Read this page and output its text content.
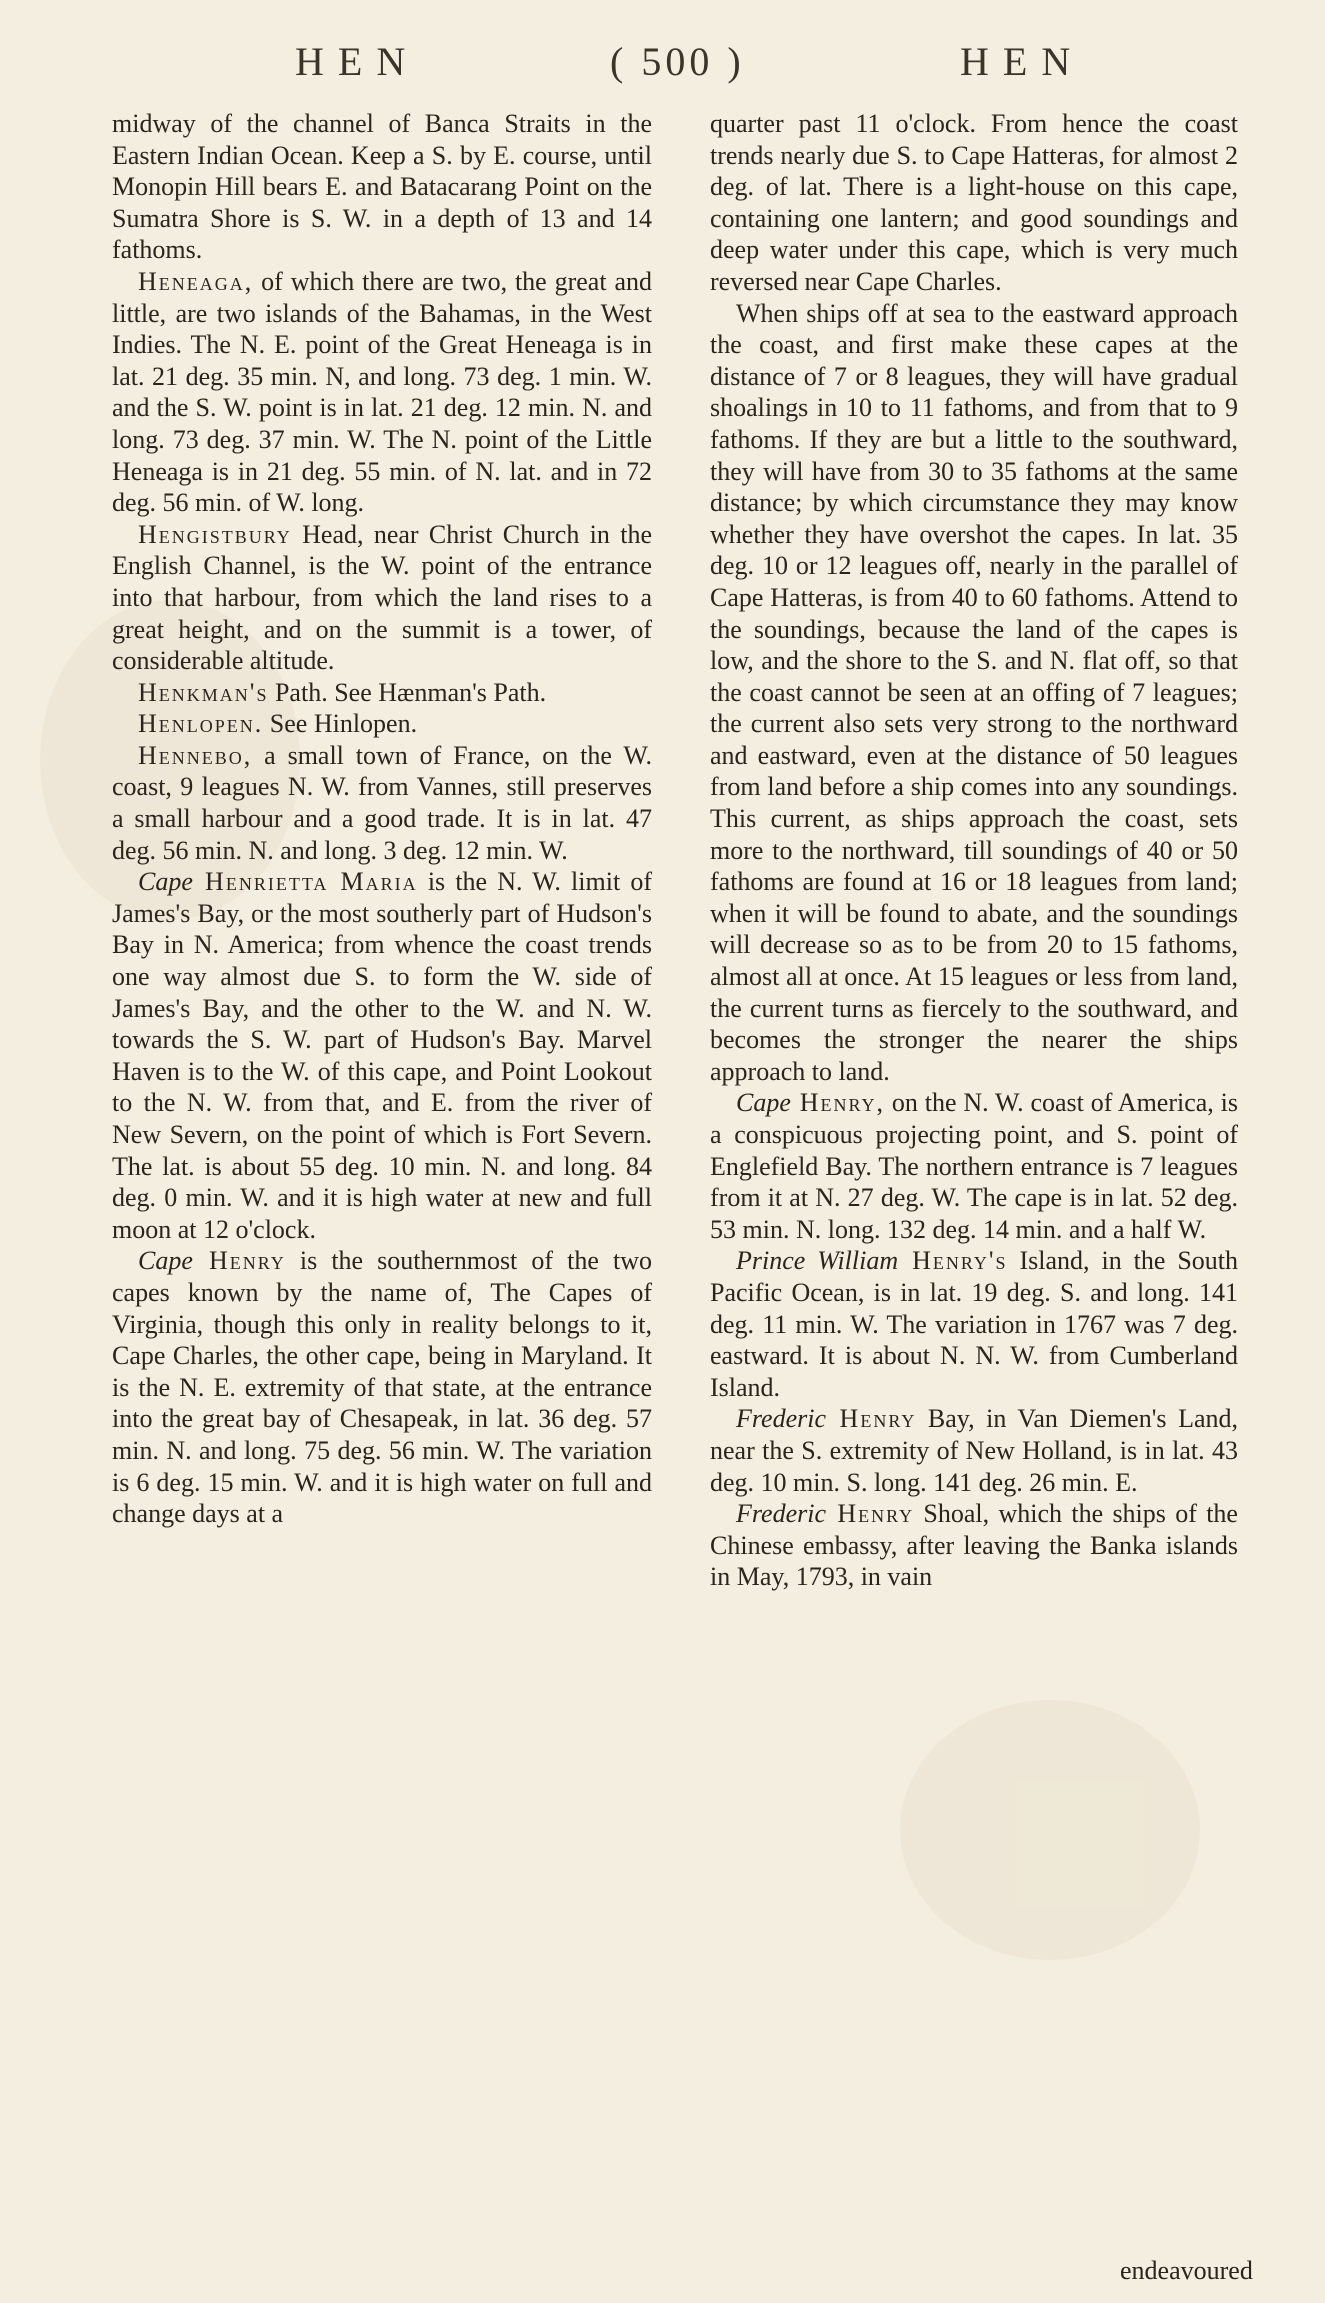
HEN	( 500 )	HEN

midway of the channel of Banca Straits in the Eastern Indian Ocean. Keep a S. by E. course, until Monopin Hill bears E. and Batacarang Point on the Sumatra Shore is S. W. in a depth of 13 and 14 fathoms.

Heneaga, of which there are two, the great and little, are two islands of the Bahamas, in the West Indies. The N. E. point of the Great Heneaga is in lat. 21 deg. 35 min. N, and long. 73 deg. 1 min. W. and the S. W. point is in lat. 21 deg. 12 min. N. and long. 73 deg. 37 min. W. The N. point of the Little Heneaga is in 21 deg. 55 min. of N. lat. and in 72 deg. 56 min. of W. long.

Hengistbury Head, near Christ Church in the English Channel, is the W. point of the entrance into that harbour, from which the land rises to a great height, and on the summit is a tower, of considerable altitude.

Henkman's Path. See Hænman's Path.

Henlopen. See Hinlopen.

Hennebo, a small town of France, on the W. coast, 9 leagues N. W. from Vannes, still preserves a small harbour and a good trade. It is in lat. 47 deg. 56 min. N. and long. 3 deg. 12 min. W.

Cape Henrietta Maria is the N. W. limit of James's Bay, or the most southerly part of Hudson's Bay in N. America; from whence the coast trends one way almost due S. to form the W. side of James's Bay, and the other to the W. and N. W. towards the S. W. part of Hudson's Bay. Marvel Haven is to the W. of this cape, and Point Lookout to the N. W. from that, and E. from the river of New Severn, on the point of which is Fort Severn. The lat. is about 55 deg. 10 min. N. and long. 84 deg. 0 min. W. and it is high water at new and full moon at 12 o'clock.

Cape Henry is the southernmost of the two capes known by the name of, The Capes of Virginia, though this only in reality belongs to it, Cape Charles, the other cape, being in Maryland. It is the N. E. extremity of that state, at the entrance into the great bay of Chesapeak, in lat. 36 deg. 57 min. N. and long. 75 deg. 56 min. W. The variation is 6 deg. 15 min. W. and it is high water on full and change days at a

quarter past 11 o'clock. From hence the coast trends nearly due S. to Cape Hatteras, for almost 2 deg. of lat. There is a light-house on this cape, containing one lantern; and good soundings and deep water under this cape, which is very much reversed near Cape Charles.

When ships off at sea to the eastward approach the coast, and first make these capes at the distance of 7 or 8 leagues, they will have gradual shoalings in 10 to 11 fathoms, and from that to 9 fathoms. If they are but a little to the southward, they will have from 30 to 35 fathoms at the same distance; by which circumstance they may know whether they have overshot the capes. In lat. 35 deg. 10 or 12 leagues off, nearly in the parallel of Cape Hatteras, is from 40 to 60 fathoms. Attend to the soundings, because the land of the capes is low, and the shore to the S. and N. flat off, so that the coast cannot be seen at an offing of 7 leagues; the current also sets very strong to the northward and eastward, even at the distance of 50 leagues from land before a ship comes into any soundings. This current, as ships approach the coast, sets more to the northward, till soundings of 40 or 50 fathoms are found at 16 or 18 leagues from land; when it will be found to abate, and the soundings will decrease so as to be from 20 to 15 fathoms, almost all at once. At 15 leagues or less from land, the current turns as fiercely to the southward, and becomes the stronger the nearer the ships approach to land.

Cape Henry, on the N. W. coast of America, is a conspicuous projecting point, and S. point of Englefield Bay. The northern entrance is 7 leagues from it at N. 27 deg. W. The cape is in lat. 52 deg. 53 min. N. long. 132 deg. 14 min. and a half W.

Prince William Henry's Island, in the South Pacific Ocean, is in lat. 19 deg. S. and long. 141 deg. 11 min. W. The variation in 1767 was 7 deg. eastward. It is about N. N. W. from Cumberland Island.

Frederic Henry Bay, in Van Diemen's Land, near the S. extremity of New Holland, is in lat. 43 deg. 10 min. S. long. 141 deg. 26 min. E.

Frederic Henry Shoal, which the ships of the Chinese embassy, after leaving the Banka islands in May, 1793, in vain

endeavoured
